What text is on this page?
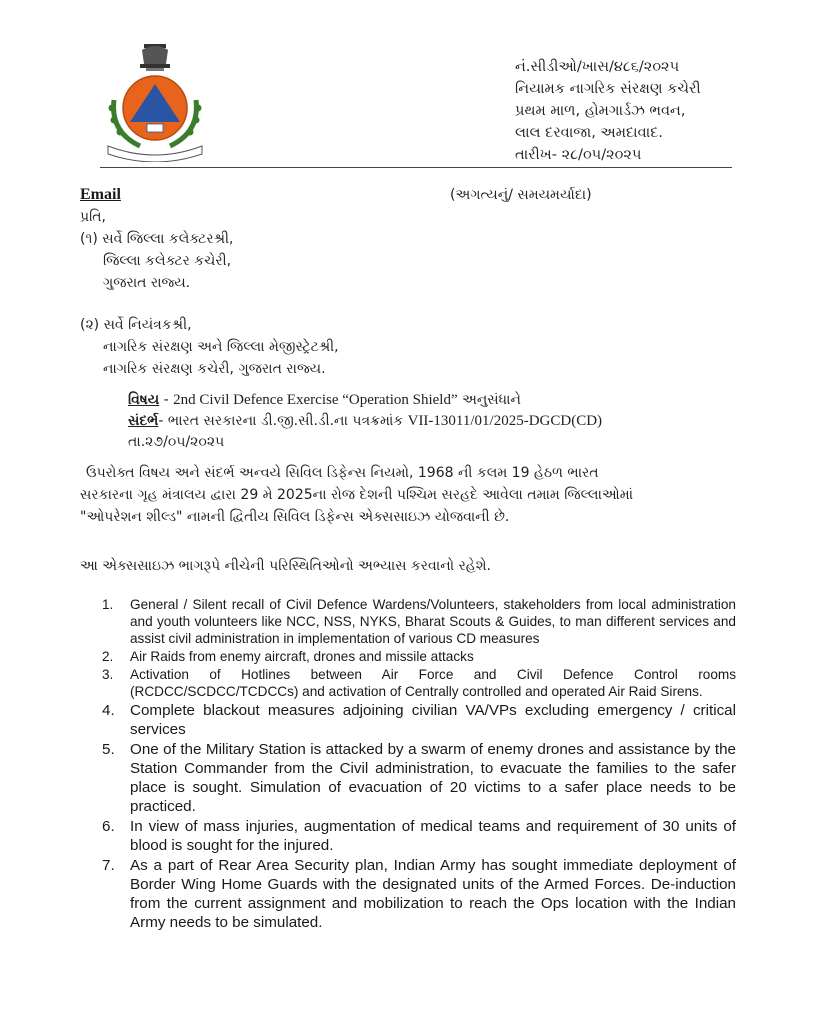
નં.સીડીઓ/ખાસ/૪૮૬/૨૦૨૫
નિયામક નાગરિક સંરક્ષણ કચેરી
પ્રથમ માળ, હોમગાર્ડઝ ભવન,
લાલ દરવાજા, અમદાવાદ.
તારીખ- ૨૮/૦૫/૨૦૨૫
Email	(અગત્યનું/ સમયમર્યાદા)
પ્રતિ,
(૧) સર્વે જિલ્લા કલેક્ટરશ્રી,
જિલ્લા કલેક્ટર કચેરી,
ગુજરાત રાજ્ય.
(૨) સર્વે નિયંત્રકશ્રી,
નાગરિક સંરક્ષણ અને જિલ્લા મેજીસ્ટ્રેટશ્રી,
નાગરિક સંરક્ષણ કચેરી, ગુજરાત રાજ્ય.
વિષય - 2nd Civil Defence Exercise “Operation Shield” અનુસંધાને
સંદર્ભ- ભારત સરકારના ડી.જી.સી.ડી.ના પત્રક્રમાંક VII-13011/01/2025-DGCD(CD)
તા.૨૭/૦૫/૨૦૨૫
ઉપરોક્ત વિષય અને સંદર્ભ અન્વયે સિવિલ ડિફેન્સ નિયમો, 1968 ની કલમ 19 હેઠળ ભારત
સરકારના ગૃહ મંત્રાલય દ્વારા 29 મે 2025ના રોજ દેશની પશ્ચિમ સરહદે આવેલા તમામ જિલ્લાઓમાં
"ઓપરેશન શીલ્ડ" નામની દ્વિતીય સિવિલ ડિફેન્સ એક્સસાઇઝ યોજવાની છે.
આ એક્સસાઇઝ ભાગરૂપે નીચેની પરિસ્થિતિઓનો અભ્યાસ કરવાનો રહેશે.
1. General / Silent recall of Civil Defence Wardens/Volunteers, stakeholders from local administration and youth volunteers like NCC, NSS, NYKS, Bharat Scouts & Guides, to man different services and assist civil administration in implementation of various CD measures
2. Air Raids from enemy aircraft, drones and missile attacks
3. Activation of Hotlines between Air Force and Civil Defence Control rooms (RCDCC/SCDCC/TCDCCs) and activation of Centrally controlled and operated Air Raid Sirens.
4. Complete blackout measures adjoining civilian VA/VPs excluding emergency / critical services
5. One of the Military Station is attacked by a swarm of enemy drones and assistance by the Station Commander from the Civil administration, to evacuate the families to the safer place is sought. Simulation of evacuation of 20 victims to a safer place needs to be practiced.
6. In view of mass injuries, augmentation of medical teams and requirement of 30 units of blood is sought for the injured.
7. As a part of Rear Area Security plan, Indian Army has sought immediate deployment of Border Wing Home Guards with the designated units of the Armed Forces. De-induction from the current assignment and mobilization to reach the Ops location with the Indian Army needs to be simulated.
